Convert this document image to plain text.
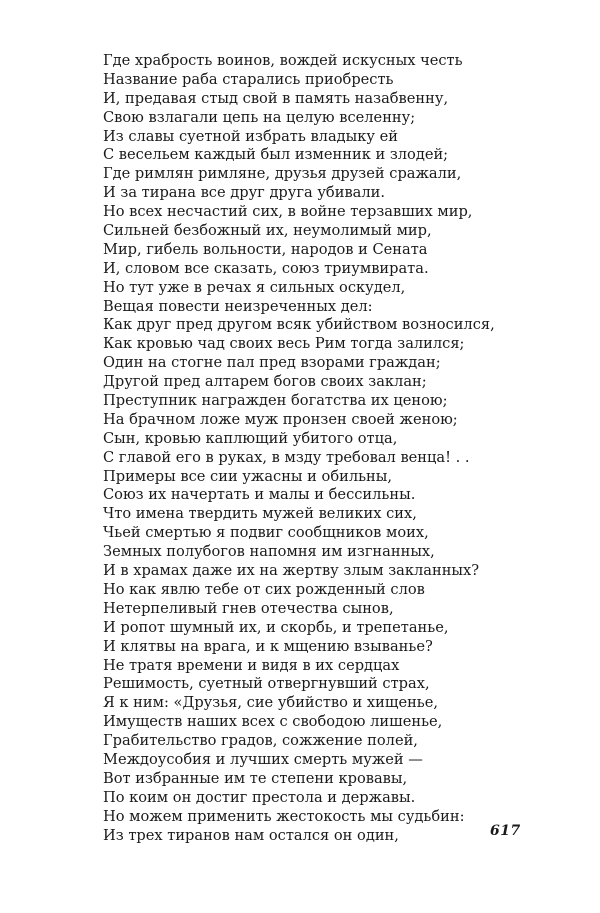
Где храбрость воинов, вождей искусных честь
Название раба старались приобресть
И, предавая стыд свой в память назабвенну,
Свою взлагали цепь на целую вселенну;
Из славы суетной избрать владыку ей
С весельем каждый был изменник и злодей;
Где римлян римляне, друзья друзей сражали,
И за тирана все друг друга убивали.
Но всех несчастий сих, в войне терзавших мир,
Сильней безбожный их, неумолимый мир,
Мир, гибель вольности, народов и Сената
И, словом все сказать, союз триумвирата.
Но тут уже в речах я сильных оскудел,
Вещая повести неизреченных дел:
Как друг пред другом всяк убийством возносился,
Как кровью чад своих весь Рим тогда залился;
Один на стогне пал пред взорами граждан;
Другой пред алтарем богов своих заклан;
Преступник награжден богатства их ценою;
На брачном ложе муж пронзен своей женою;
Сын, кровью каплющий убитого отца,
С главой его в руках, в мзду требовал венца! . .
Примеры все сии ужасны и обильны,
Союз их начертать и малы и бессильны.
Что имена твердить мужей великих сих,
Чьей смертью я подвиг сообщников моих,
Земных полубогов напомня им изгнанных,
И в храмах даже их на жертву злым закланных?
Но как явлю тебе от сих рожденный слов
Нетерпеливый гнев отечества сынов,
И ропот шумный их, и скорбь, и трепетанье,
И клятвы на врага, и к мщению взыванье?
Не тратя времени и видя в их сердцах
Решимость, суетный отвергнувший страх,
Я к ним: «Друзья, сие убийство и хищенье,
Имуществ наших всех с свободою лишенье,
Грабительство градов, сожжение полей,
Междоусобия и лучших смерть мужей —
Вот избранные им те степени кровавы,
По коим он достиг престола и державы.
Но можем применить жестокость мы судьбин:
Из трех тиранов нам остался он один,	617
